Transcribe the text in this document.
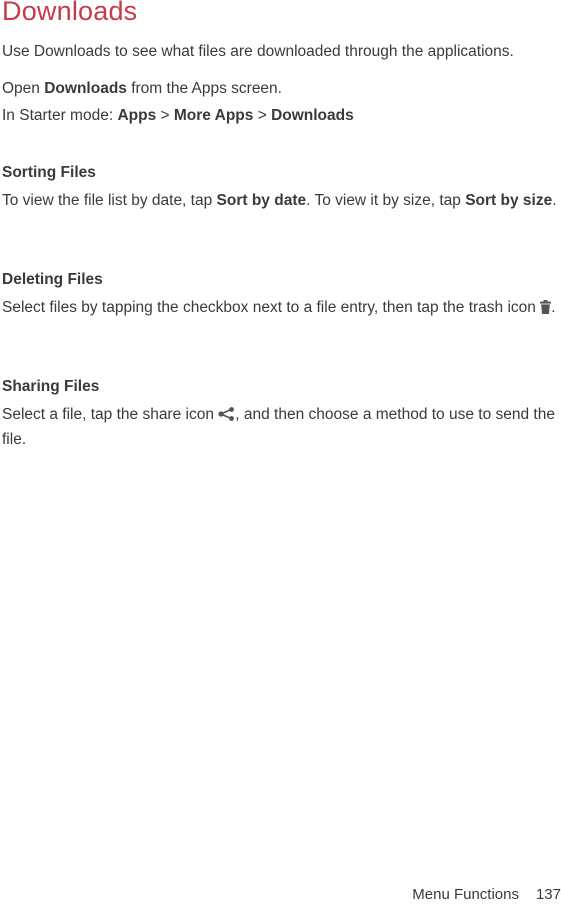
Downloads

Use Downloads to see what files are downloaded through the applications.

Open Downloads from the Apps screen.

In Starter mode: Apps > More Apps > Downloads

Sorting Files

To view the file list by date, tap Sort by date. To view it by size, tap Sort by size.

Deleting Files

Select files by tapping the checkbox next to a file entry, then tap the trash icon .

Sharing Files

Select a file, tap the share icon , and then choose a method to use to send the file.

Menu Functions 137
